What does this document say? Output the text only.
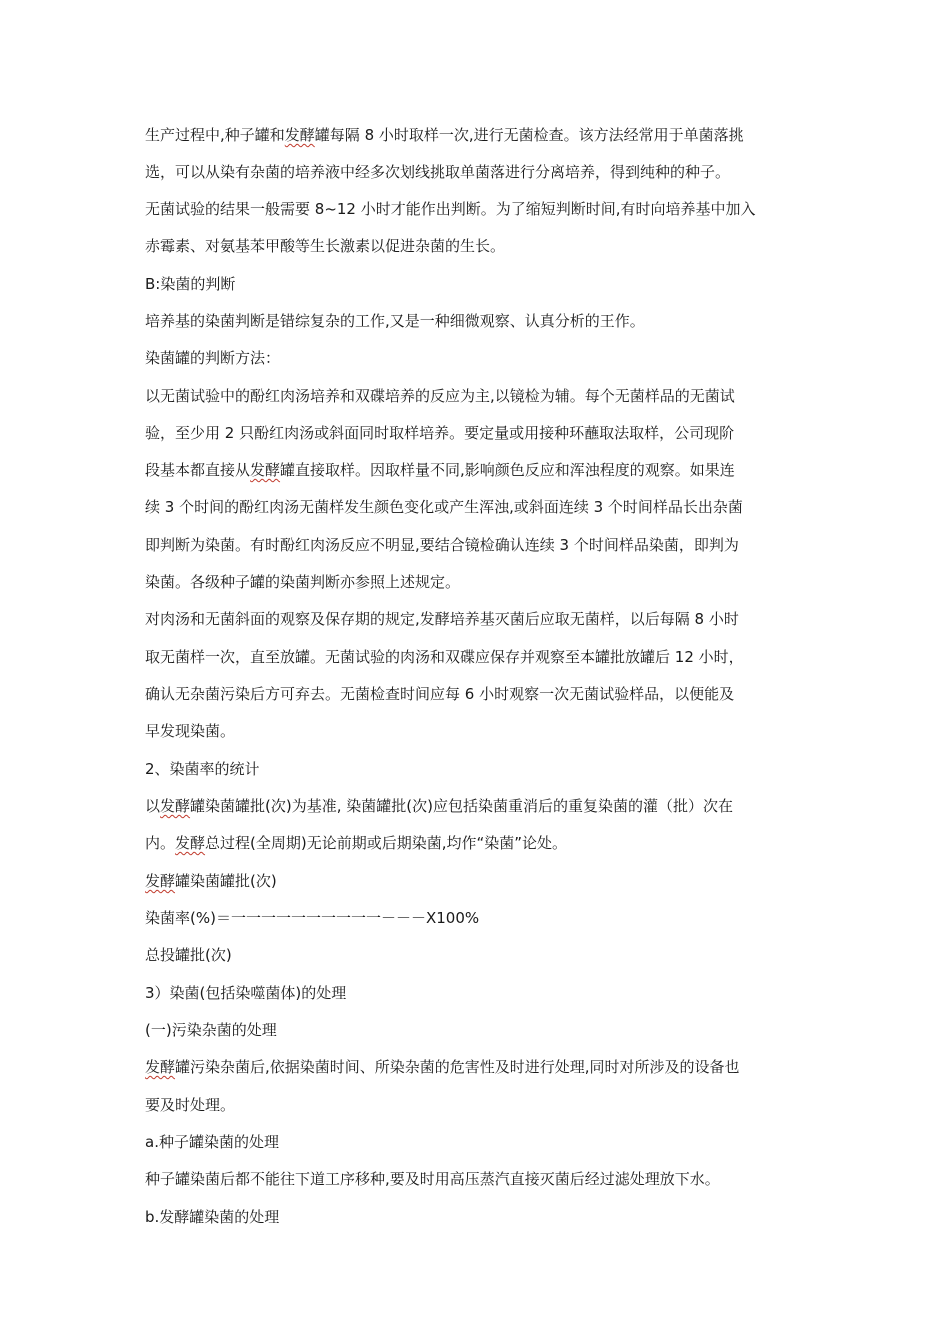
生产过程中,种子罐和发酵罐每隔 8 小时取样一次,进行无菌检查。该方法经常用于单菌落挑
选，可以从染有杂菌的培养液中经多次划线挑取单菌落进行分离培养，得到纯种的种子。
无菌试验的结果一般需要 8~12 小时才能作出判断。为了缩短判断时间,有时向培养基中加入
赤霉素、对氨基苯甲酸等生长激素以促进杂菌的生长。
B:染菌的判断
培养基的染菌判断是错综复杂的工作,又是一种细微观察、认真分析的王作。
染菌罐的判断方法：
以无菌试验中的酚红肉汤培养和双碟培养的反应为主,以镜检为辅。每个无菌样品的无菌试
验，至少用 2 只酚红肉汤或斜面同时取样培养。要定量或用接种环蘸取法取样，公司现阶
段基本都直接从发酵罐直接取样。因取样量不同,影响颜色反应和浑浊程度的观察。如果连
续 3 个时间的酚红肉汤无菌样发生颜色变化或产生浑浊,或斜面连续 3 个时间样品长出杂菌
即判断为染菌。有时酚红肉汤反应不明显,要结合镜检确认连续 3 个时间样品染菌，即判为
染菌。各级种子罐的染菌判断亦参照上述规定。
对肉汤和无菌斜面的观察及保存期的规定,发酵培养基灭菌后应取无菌样，以后每隔 8 小时
取无菌样一次，直至放罐。无菌试验的肉汤和双碟应保存并观察至本罐批放罐后 12 小时，
确认无杂菌污染后方可弃去。无菌检查时间应每 6 小时观察一次无菌试验样品，以便能及
早发现染菌。
2、染菌率的统计
以发酵罐染菌罐批(次)为基准, 染菌罐批(次)应包括染菌重消后的重复染菌的灌（批）次在
内。发酵总过程(全周期)无论前期或后期染菌,均作“染菌”论处。
发酵罐染菌罐批(次)
染菌率(%)＝一一一一一一一一一一－－－X100%
总投罐批(次)
3）染菌(包括染噬菌体)的处理
(一)污染杂菌的处理
发酵罐污染杂菌后,依据染菌时间、所染杂菌的危害性及时进行处理,同时对所涉及的设备也
要及时处理。
a.种子罐染菌的处理
种子罐染菌后都不能往下道工序移种,要及时用高压蒸汽直接灭菌后经过滤处理放下水。
b.发酵罐染菌的处理
